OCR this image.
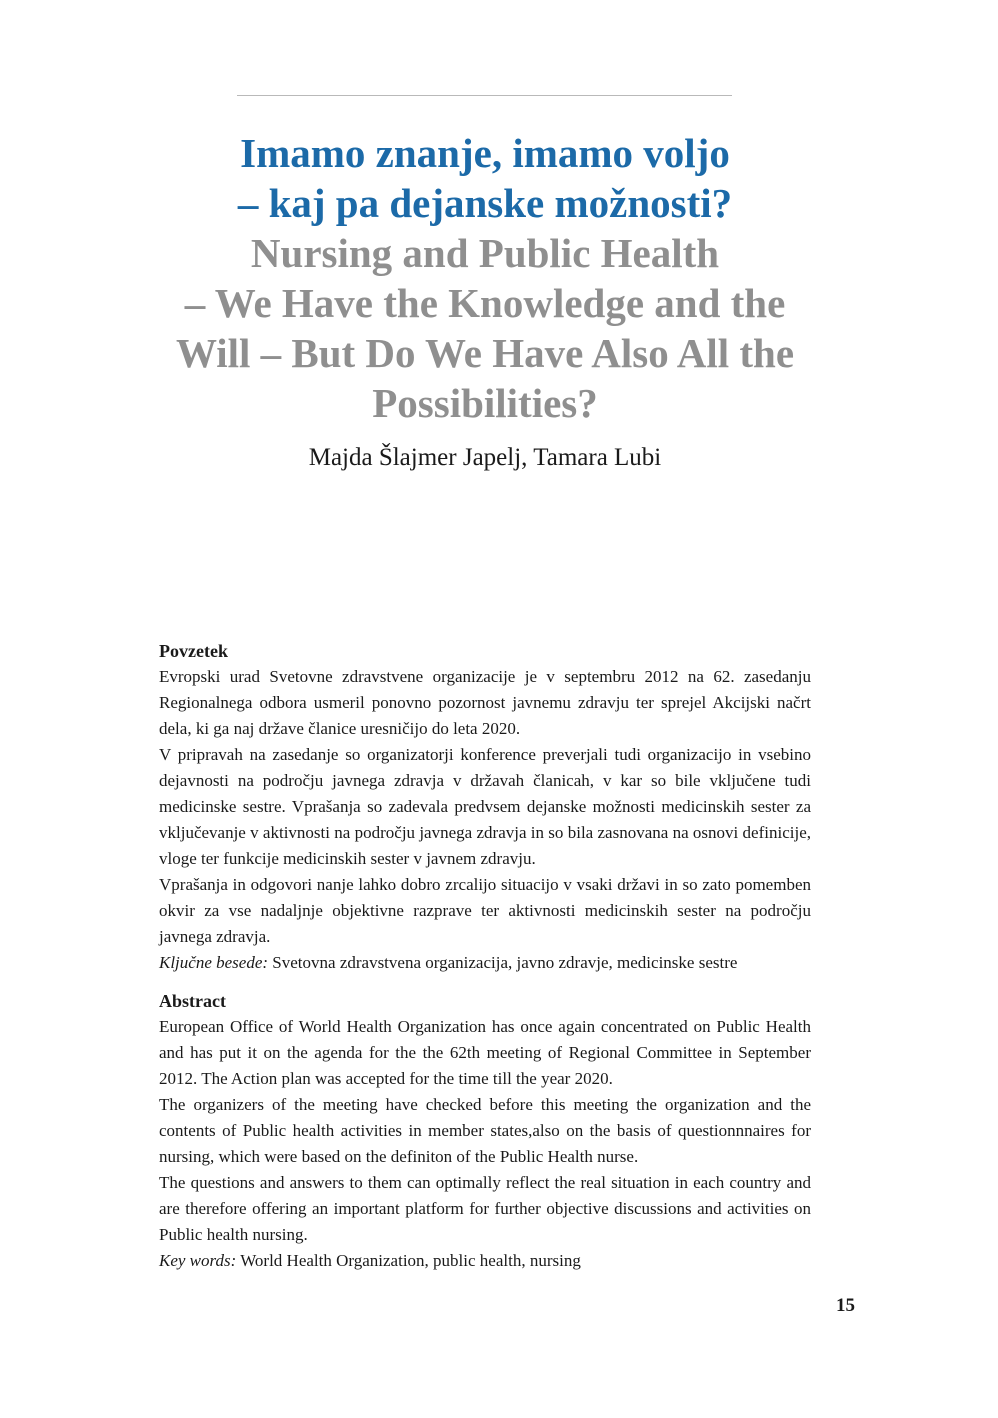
Imamo znanje, imamo voljo

– kaj pa dejanske možnosti?

Nursing and Public Health

– We Have the Knowledge and the

Will – But Do We Have Also All the

Possibilities?

Majda Šlajmer Japelj, Tamara Lubi

Povzetek

Evropski urad Svetovne zdravstvene organizacije je v septembru 2012 na 62. zasedanju Regionalnega odbora usmeril ponovno pozornost javnemu zdravju ter sprejel Akcijski načrt dela, ki ga naj države članice uresničijo do leta 2020.

V pripravah na zasedanje so organizatorji konference preverjali tudi organizacijo in vsebino dejavnosti na področju javnega zdravja v državah članicah, v kar so bile vključene tudi medicinske sestre. Vprašanja so zadevala predvsem dejanske možnosti medicinskih sester za vključevanje v aktivnosti na področju javnega zdravja in so bila zasnovana na osnovi definicije, vloge ter funkcije medicinskih sester v javnem zdravju.

Vprašanja in odgovori nanje lahko dobro zrcalijo situacijo v vsaki državi in so zato pomemben okvir za vse nadaljnje objektivne razprave ter aktivnosti medicinskih sester na področju javnega zdravja.

Ključne besede: Svetovna zdravstvena organizacija, javno zdravje, medicinske sestre

Abstract

European Office of World Health Organization has once again concentrated on Public Health and has put it on the agenda for the the 62th meeting of Regional Committee in September 2012. The Action plan was accepted for the time till the year 2020.

The organizers of the meeting have checked before this meeting the organization and the contents of Public health activities in member states,also on the basis of questionnnaires for nursing, which were based on the definiton of the Public Health nurse.

The questions and answers to them can optimally reflect the real situation in each country and are therefore offering an important platform for further objective discussions and activities on Public health nursing.

Key words: World Health Organization, public health, nursing

15
